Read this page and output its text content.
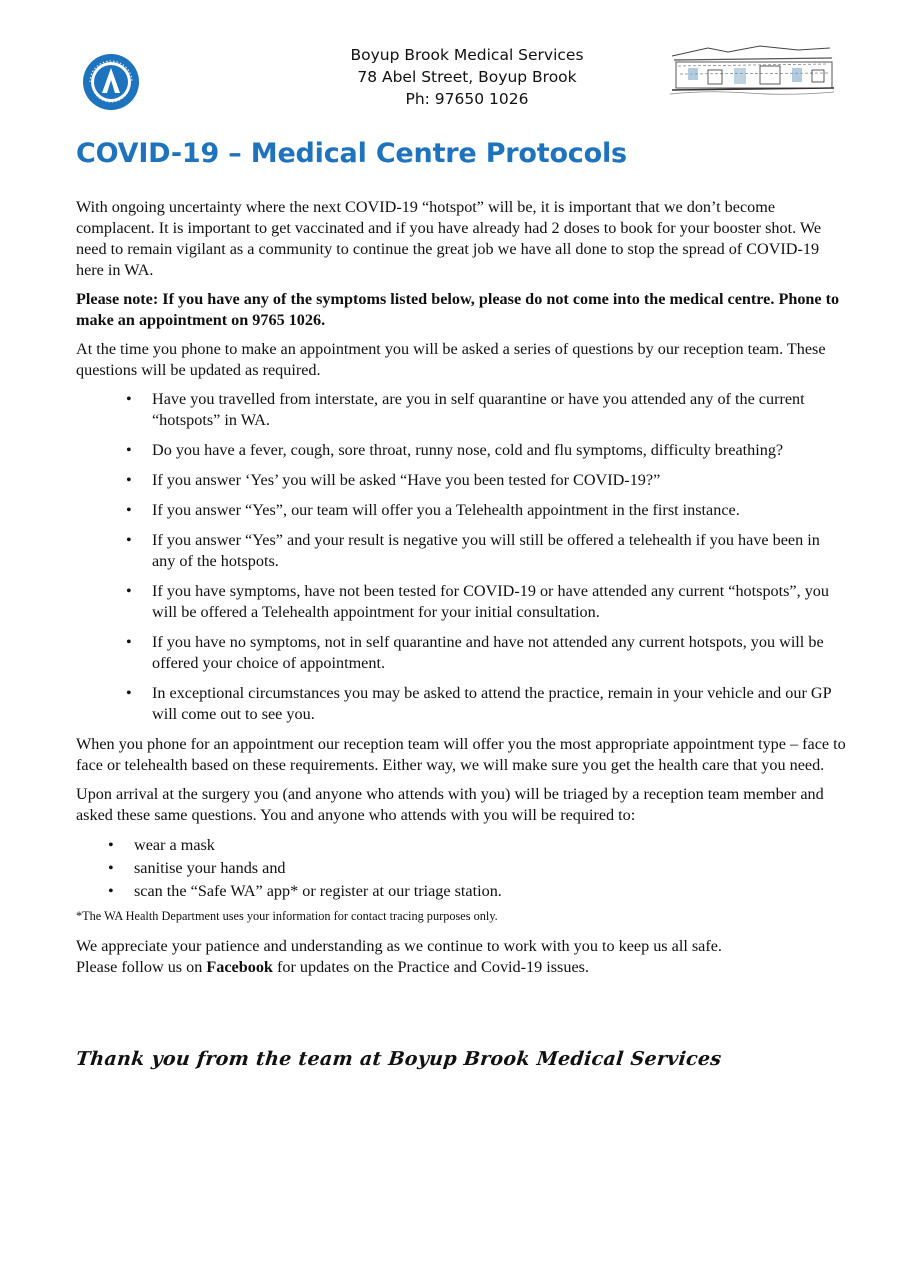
Boyup Brook Medical Services
78 Abel Street, Boyup Brook
Ph: 97650 1026
COVID-19 – Medical Centre Protocols

With ongoing uncertainty where the next COVID-19 “hotspot” will be, it is important that we don’t become complacent. It is important to get vaccinated and if you have already had 2 doses to book for your booster shot. We need to remain vigilant as a community to continue the great job we have all done to stop the spread of COVID-19 here in WA.

Please note: If you have any of the symptoms listed below, please do not come into the medical centre. Phone to make an appointment on 9765 1026.

At the time you phone to make an appointment you will be asked a series of questions by our reception team. These questions will be updated as required.

• Have you travelled from interstate, are you in self quarantine or have you attended any of the current “hotspots” in WA.
• Do you have a fever, cough, sore throat, runny nose, cold and flu symptoms, difficulty breathing?
• If you answer ‘Yes’ you will be asked “Have you been tested for COVID-19?”
• If you answer “Yes”, our team will offer you a Telehealth appointment in the first instance.
• If you answer “Yes” and your result is negative you will still be offered a telehealth if you have been in any of the hotspots.
• If you have symptoms, have not been tested for COVID-19 or have attended any current “hotspots”, you will be offered a Telehealth appointment for your initial consultation.
• If you have no symptoms, not in self quarantine and have not attended any current hotspots, you will be offered your choice of appointment.
• In exceptional circumstances you may be asked to attend the practice, remain in your vehicle and our GP will come out to see you.

When you phone for an appointment our reception team will offer you the most appropriate appointment type – face to face or telehealth based on these requirements. Either way, we will make sure you get the health care that you need.

Upon arrival at the surgery you (and anyone who attends with you) will be triaged by a reception team member and asked these same questions. You and anyone who attends with you will be required to:

• wear a mask
• sanitise your hands and
• scan the “Safe WA” app* or register at our triage station.

*The WA Health Department uses your information for contact tracing purposes only.

We appreciate your patience and understanding as we continue to work with you to keep us all safe.
Please follow us on Facebook for updates on the Practice and Covid-19 issues.

Thank you from the team at Boyup Brook Medical Services
